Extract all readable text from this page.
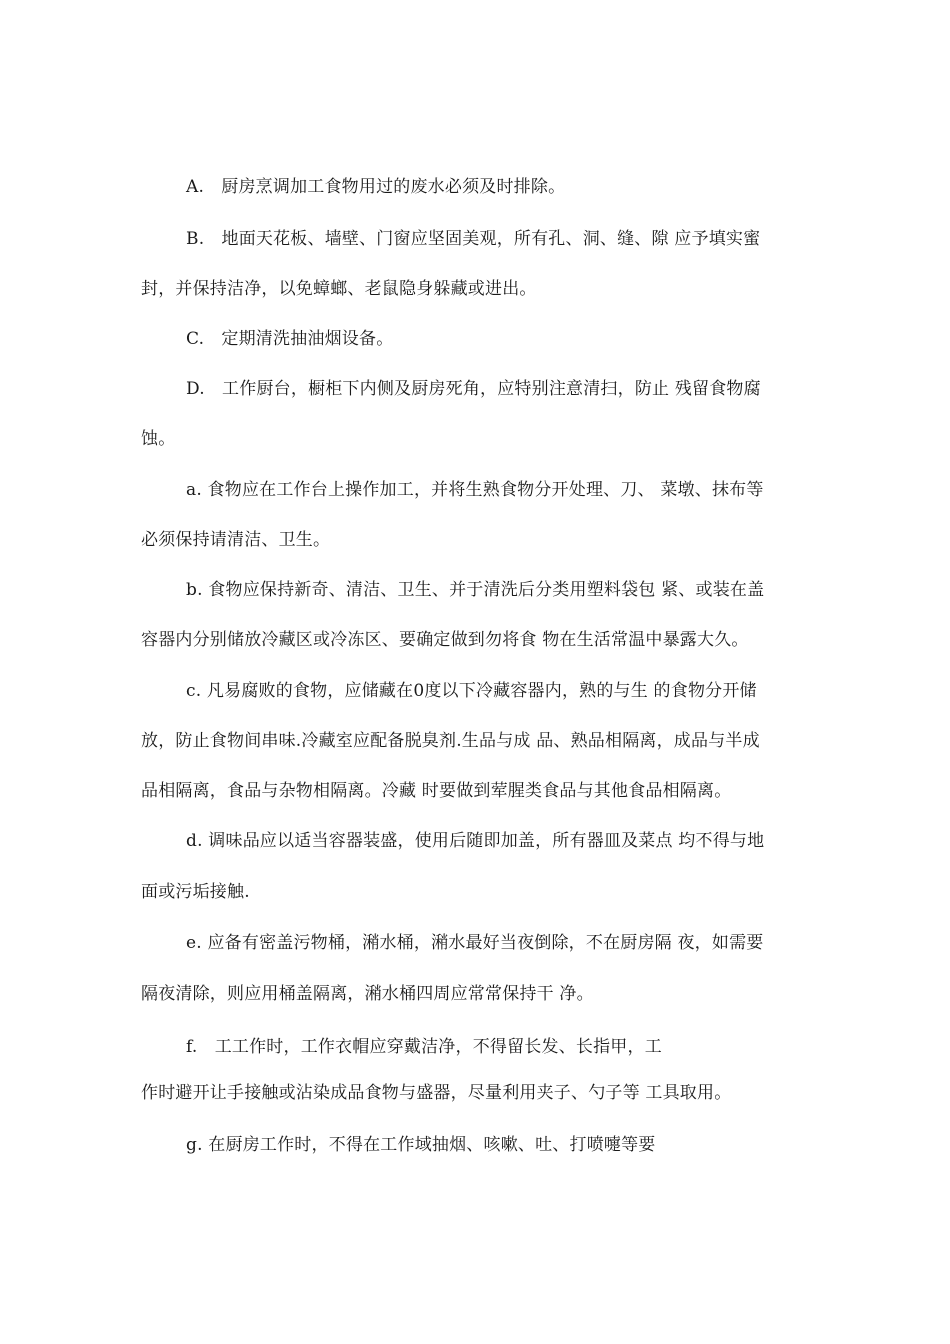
A.　厨房烹调加工食物用过的废水必须及时排除。
B.　地面天花板、墙壁、门窗应坚固美观，所有孔、洞、缝、隙 应予填实蜜
封，并保持洁净，以免蟑螂、老鼠隐身躲藏或进出。
C.　定期清洗抽油烟设备。
D.　工作厨台，橱柜下内侧及厨房死角，应特别注意清扫，防止 残留食物腐
蚀。
a. 食物应在工作台上操作加工，并将生熟食物分开处理、刀、 菜墩、抹布等
必须保持请清洁、卫生。
b. 食物应保持新奇、清洁、卫生、并于清洗后分类用塑料袋包 紧、或装在盖
容器内分别储放冷藏区或冷冻区、要确定做到勿将食 物在生活常温中暴露大久。
c. 凡易腐败的食物，应储藏在0度以下冷藏容器内，熟的与生 的食物分开储
放，防止食物间串味.冷藏室应配备脱臭剂.生品与成 品、熟品相隔离，成品与半成
品相隔离，食品与杂物相隔离。冷藏 时要做到荤腥类食品与其他食品相隔离。
d. 调味品应以适当容器装盛，使用后随即加盖，所有器皿及菜点 均不得与地
面或污垢接触.
e. 应备有密盖污物桶，潲水桶，潲水最好当夜倒除，不在厨房隔 夜，如需要
隔夜清除，则应用桶盖隔离，潲水桶四周应常常保持干 净。
f.　工工作时，工作衣帽应穿戴洁净，不得留长发、长指甲，工
作时避开让手接触或沾染成品食物与盛器，尽量利用夹子、勺子等 工具取用。
g. 在厨房工作时，不得在工作域抽烟、咳嗽、吐、打喷嚏等要
